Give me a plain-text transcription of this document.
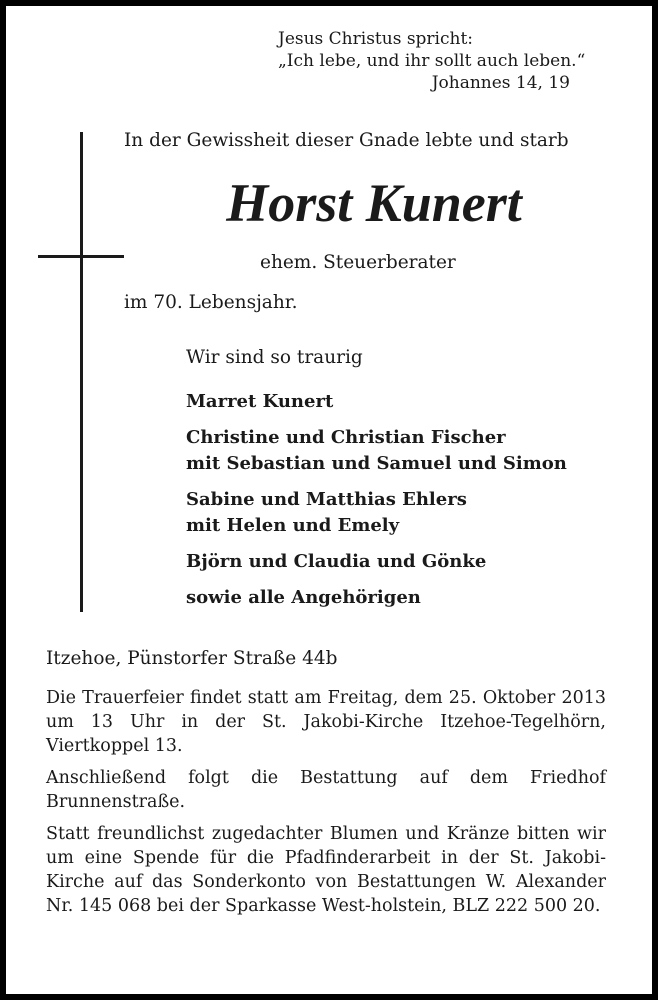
Jesus Christus spricht:
„Ich lebe, und ihr sollt auch leben.“
Johannes 14, 19
In der Gewissheit dieser Gnade lebte und starb
Horst Kunert
ehem. Steuerberater
im 70. Lebensjahr.
Wir sind so traurig
Marret Kunert
Christine und Christian Fischer
mit Sebastian und Samuel und Simon
Sabine und Matthias Ehlers
mit Helen und Emely
Björn und Claudia und Gönke
sowie alle Angehörigen
Itzehoe, Pünstorfer Straße 44b

Die Trauerfeier findet statt am Freitag, dem 25. Oktober 2013 um 13 Uhr in der St. Jakobi-Kirche Itzehoe-Tegelhörn, Viertkoppel 13.

Anschließend folgt die Bestattung auf dem Friedhof Brunnenstraße.

Statt freundlichst zugedachter Blumen und Kränze bitten wir um eine Spende für die Pfadfinderarbeit in der St. Jakobi-Kirche auf das Sonderkonto von Bestattungen W. Alexander Nr. 145 068 bei der Sparkasse West-holstein, BLZ 222 500 20.
